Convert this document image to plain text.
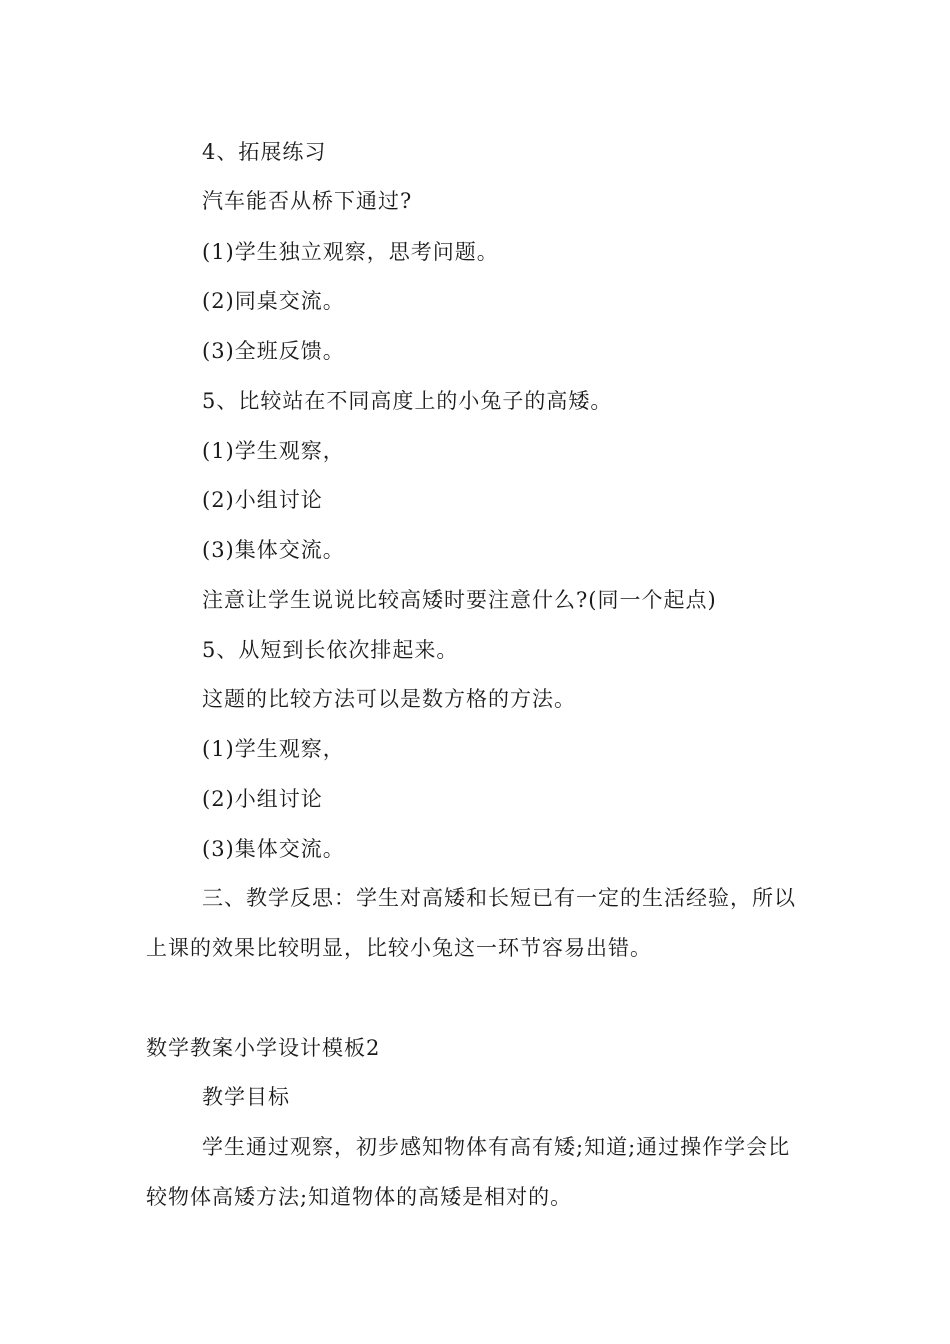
4、拓展练习
汽车能否从桥下通过?
(1)学生独立观察，思考问题。
(2)同桌交流。
(3)全班反馈。
5、比较站在不同高度上的小兔子的高矮。
(1)学生观察，
(2)小组讨论
(3)集体交流。
注意让学生说说比较高矮时要注意什么?(同一个起点)
5、从短到长依次排起来。
这题的比较方法可以是数方格的方法。
(1)学生观察，
(2)小组讨论
(3)集体交流。
三、教学反思：学生对高矮和长短已有一定的生活经验，所以
上课的效果比较明显，比较小兔这一环节容易出错。
数学教案小学设计模板2
教学目标
学生通过观察，初步感知物体有高有矮;知道;通过操作学会比
较物体高矮方法;知道物体的高矮是相对的。
